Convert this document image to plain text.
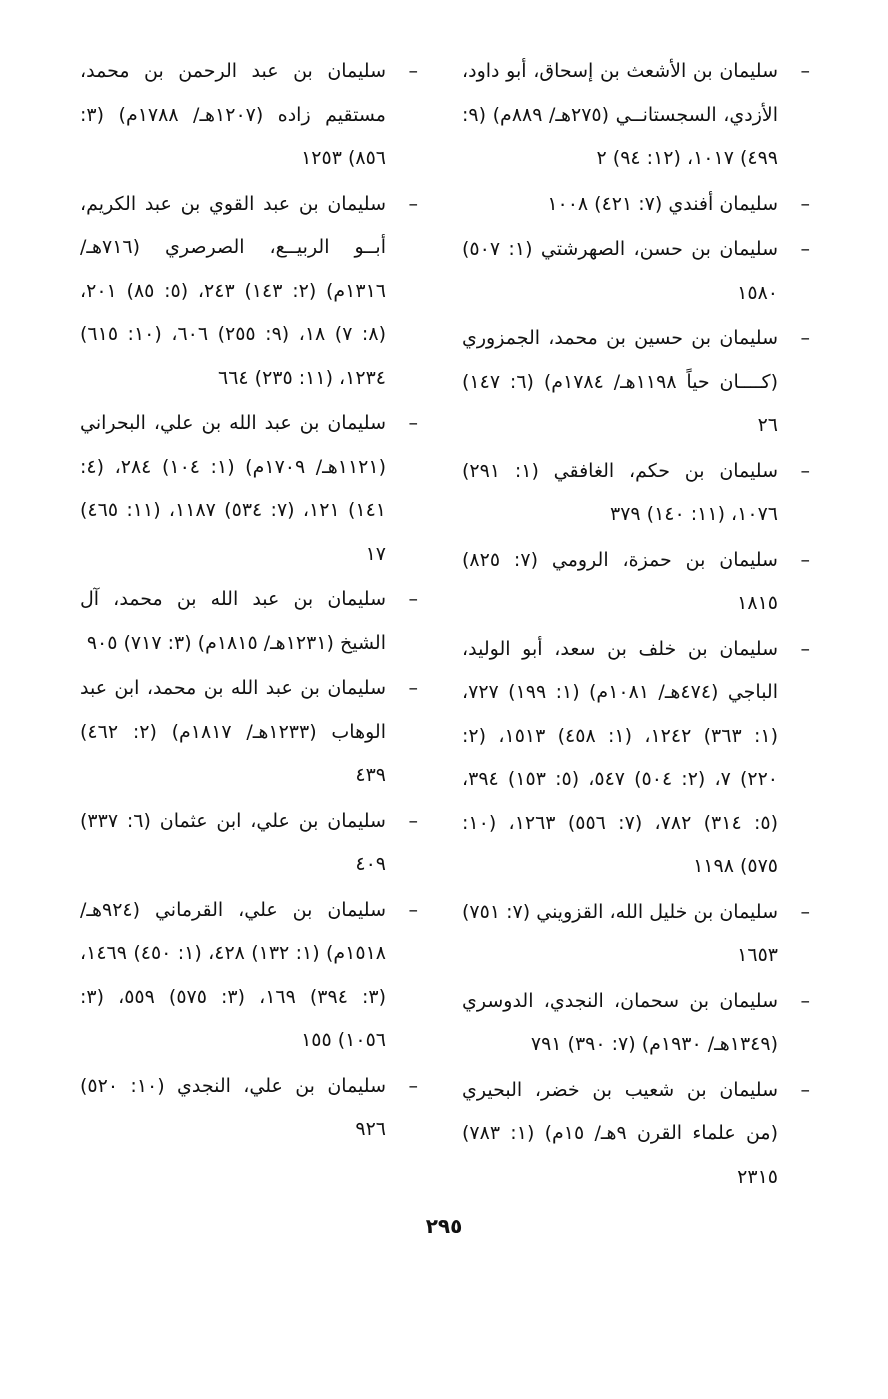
–
سليمان بن الأشعث بن إسحاق، أبو داود، الأزدي، السجستانــي (٢٧٥هـ/ ٨٨٩م) (٩: ٤٩٩) ١٠١٧، (١٢: ٩٤) ٢
–
سليمان أفندي (٧: ٤٢١) ١٠٠٨
–
سليمان بن حسن، الصهرشتي (١: ٥٠٧) ١٥٨٠
–
سليمان بن حسين بن محمد، الجمزوري (كــــان حياً ١١٩٨هـ/ ١٧٨٤م) (٦: ١٤٧) ٢٦
–
سليمان بن حكم، الغافقي (١: ٢٩١) ١٠٧٦، (١١: ١٤٠) ٣٧٩
–
سليمان بن حمزة، الرومي (٧: ٨٢٥) ١٨١٥
–
سليمان بن خلف بن سعد، أبو الوليد، الباجي (٤٧٤هـ/ ١٠٨١م) (١: ١٩٩) ٧٢٧، (١: ٣٦٣) ١٢٤٢، (١: ٤٥٨) ١٥١٣، (٢: ٢٢٠) ٧، (٢: ٥٠٤) ٥٤٧، (٥: ١٥٣) ٣٩٤، (٥: ٣١٤) ٧٨٢، (٧: ٥٥٦) ١٢٦٣، (١٠: ٥٧٥) ١١٩٨
–
سليمان بن خليل الله، القزويني (٧: ٧٥١) ١٦٥٣
–
سليمان بن سحمان، النجدي، الدوسري (١٣٤٩هـ/ ١٩٣٠م) (٧: ٣٩٠) ٧٩١
–
سليمان بن شعيب بن خضر، البحيري (من علماء القرن ٩هـ/ ١٥م) (١: ٧٨٣) ٢٣١٥
–
سليمان بن عبد الرحمن بن محمد، مستقيم زاده (١٢٠٧هـ/ ١٧٨٨م) (٣: ٨٥٦) ١٢٥٣
–
سليمان بن عبد القوي بن عبد الكريم، أبــو الربيــع، الصرصري (٧١٦هـ/ ١٣١٦م) (٢: ١٤٣) ٢٤٣، (٥: ٨٥) ٢٠١، (٨: ٧) ١٨، (٩: ٢٥٥) ٦٠٦، (١٠: ٦١٥) ١٢٣٤، (١١: ٢٣٥) ٦٦٤
–
سليمان بن عبد الله بن علي، البحراني (١١٢١هـ/ ١٧٠٩م) (١: ١٠٤) ٢٨٤، (٤: ١٤١) ١٢١، (٧: ٥٣٤) ١١٨٧، (١١: ٤٦٥) ١٧
–
سليمان بن عبد الله بن محمد، آل الشيخ (١٢٣١هـ/ ١٨١٥م) (٣: ٧١٧) ٩٠٥
–
سليمان بن عبد الله بن محمد، ابن عبد الوهاب (١٢٣٣هـ/ ١٨١٧م) (٢: ٤٦٢) ٤٣٩
–
سليمان بن علي، ابن عثمان (٦: ٣٣٧) ٤٠٩
–
سليمان بن علي، القرماني (٩٢٤هـ/ ١٥١٨م) (١: ١٣٢) ٤٢٨، (١: ٤٥٠) ١٤٦٩، (٣: ٣٩٤) ١٦٩، (٣: ٥٧٥) ٥٥٩، (٣: ١٠٥٦) ١٥٥
–
سليمان بن علي، النجدي (١٠: ٥٢٠) ٩٢٦
٢٩٥
